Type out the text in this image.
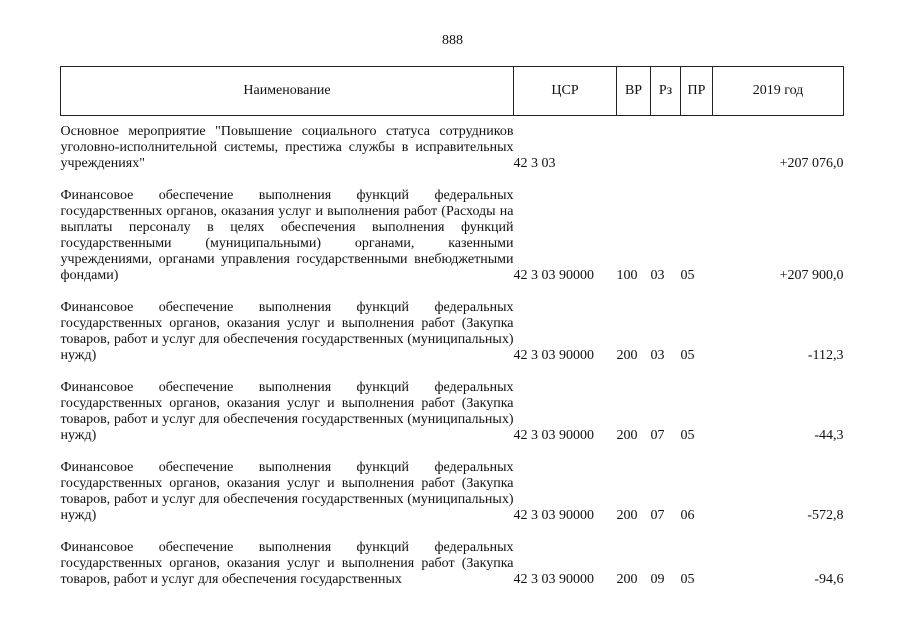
888
Наименование	ЦСР	ВР	Рз	ПР	2019 год

Основное мероприятие "Повышение социального статуса сотрудников уголовно-исполнительной системы, престижа службы в исправительных учреждениях"	42 3 03				+207 076,0

Финансовое обеспечение выполнения функций федеральных государственных органов, оказания услуг и выполнения работ (Расходы на выплаты персоналу в целях обеспечения выполнения функций государственными (муниципальными) органами, казенными учреждениями, органами управления государственными внебюджетными фондами)	42 3 03 90000	100	03	05	+207 900,0

Финансовое обеспечение выполнения функций федеральных государственных органов, оказания услуг и выполнения работ (Закупка товаров, работ и услуг для обеспечения государственных (муниципальных) нужд)	42 3 03 90000	200	03	05	-112,3

Финансовое обеспечение выполнения функций федеральных государственных органов, оказания услуг и выполнения работ (Закупка товаров, работ и услуг для обеспечения государственных (муниципальных) нужд)	42 3 03 90000	200	07	05	-44,3

Финансовое обеспечение выполнения функций федеральных государственных органов, оказания услуг и выполнения работ (Закупка товаров, работ и услуг для обеспечения государственных (муниципальных) нужд)	42 3 03 90000	200	07	06	-572,8

Финансовое обеспечение выполнения функций федеральных государственных органов, оказания услуг и выполнения работ (Закупка товаров, работ и услуг для обеспечения государственных	42 3 03 90000	200	09	05	-94,6
